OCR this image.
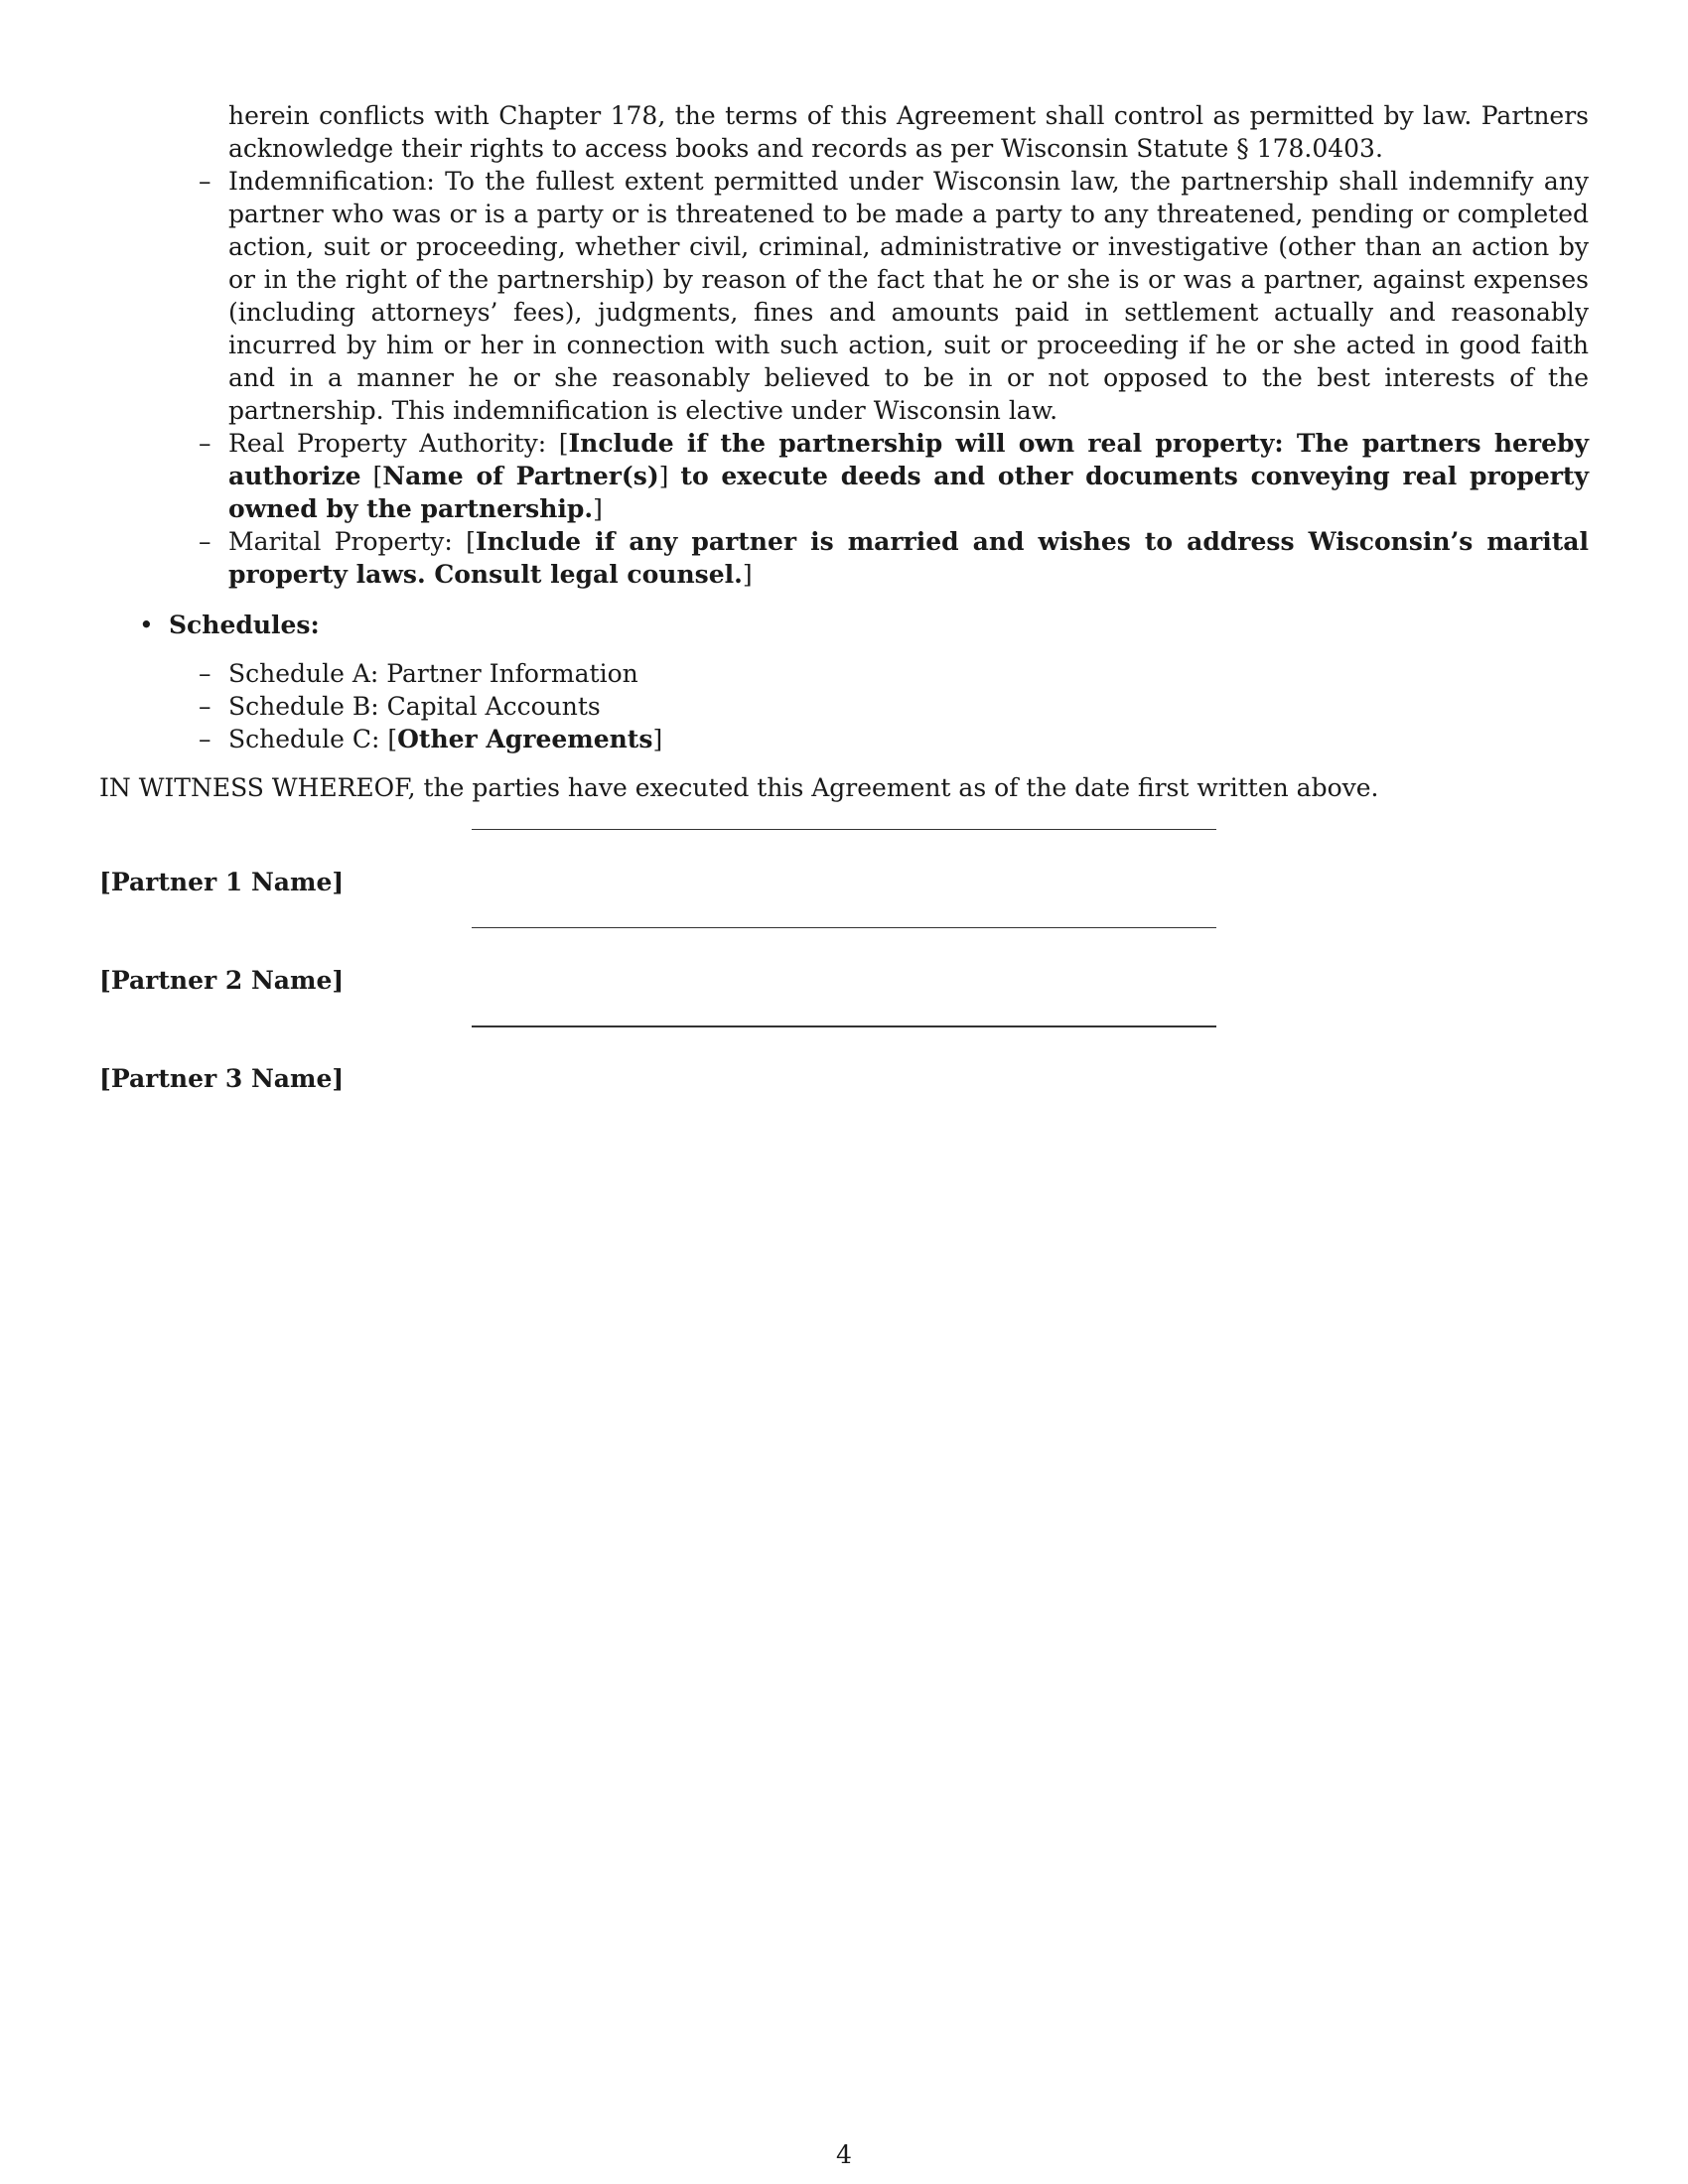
herein conflicts with Chapter 178, the terms of this Agreement shall control as permitted by law. Partners acknowledge their rights to access books and records as per Wisconsin Statute § 178.0403.
– Indemnification: To the fullest extent permitted under Wisconsin law, the partnership shall indemnify any partner who was or is a party or is threatened to be made a party to any threatened, pending or completed action, suit or proceeding, whether civil, criminal, administrative or investigative (other than an action by or in the right of the partnership) by reason of the fact that he or she is or was a partner, against expenses (including attorneys’ fees), judgments, fines and amounts paid in settlement actually and reasonably incurred by him or her in connection with such action, suit or proceeding if he or she acted in good faith and in a manner he or she reasonably believed to be in or not opposed to the best interests of the partnership. This indemnification is elective under Wisconsin law.
– Real Property Authority: [Include if the partnership will own real property: The partners hereby authorize [Name of Partner(s)] to execute deeds and other documents conveying real property owned by the partnership.]
– Marital Property: [Include if any partner is married and wishes to address Wisconsin’s marital property laws. Consult legal counsel.]
• Schedules:
– Schedule A: Partner Information
– Schedule B: Capital Accounts
– Schedule C: [Other Agreements]
IN WITNESS WHEREOF, the parties have executed this Agreement as of the date first written above.
[Partner 1 Name]
[Partner 2 Name]
[Partner 3 Name]
4
